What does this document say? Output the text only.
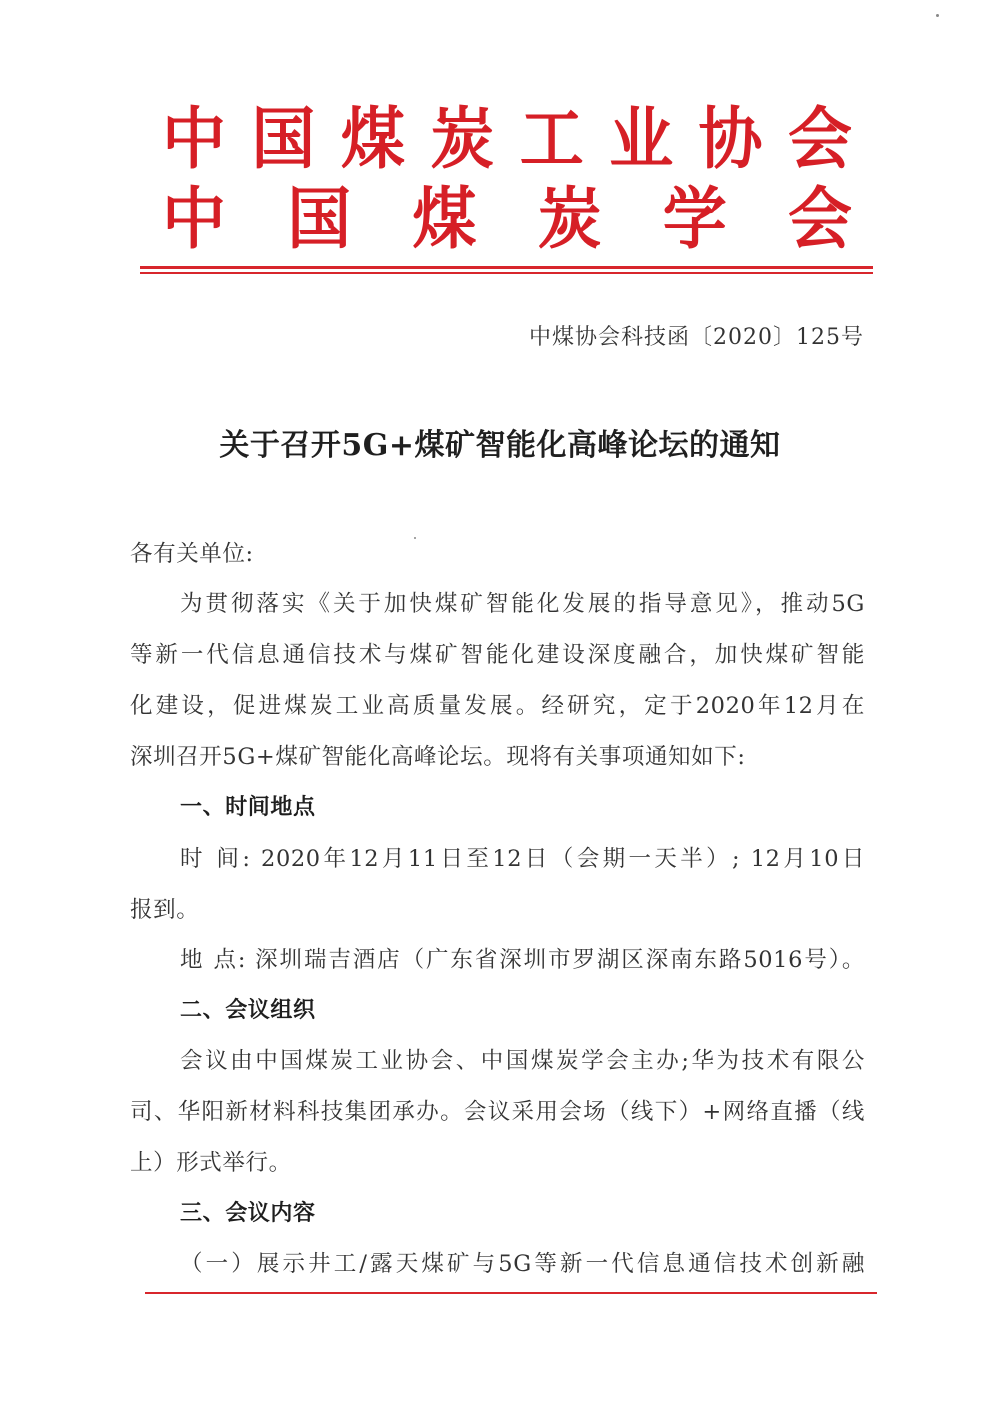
中 国 煤 炭 工 业 协 会
中 国 煤 炭 学 会
中煤协会科技函〔2020〕125号
关于召开5G+煤矿智能化高峰论坛的通知
各有关单位:
为贯彻落实《关于加快煤矿智能化发展的指导意见》，推动5G
等新一代信息通信技术与煤矿智能化建设深度融合，加快煤矿智能
化建设，促进煤炭工业高质量发展。经研究，定于2020年12月在
深圳召开5G+煤矿智能化高峰论坛。现将有关事项通知如下:
一、时间地点
时 间: 2020年12月11日至12日（会期一天半）; 12月10日
报到。
地 点: 深圳瑞吉酒店（广东省深圳市罗湖区深南东路5016号）。
二、会议组织
会议由中国煤炭工业协会、中国煤炭学会主办;华为技术有限公
司、华阳新材料科技集团承办。会议采用会场（线下）+网络直播（线
上）形式举行。
三、会议内容
（一）展示井工/露天煤矿与5G等新一代信息通信技术创新融
